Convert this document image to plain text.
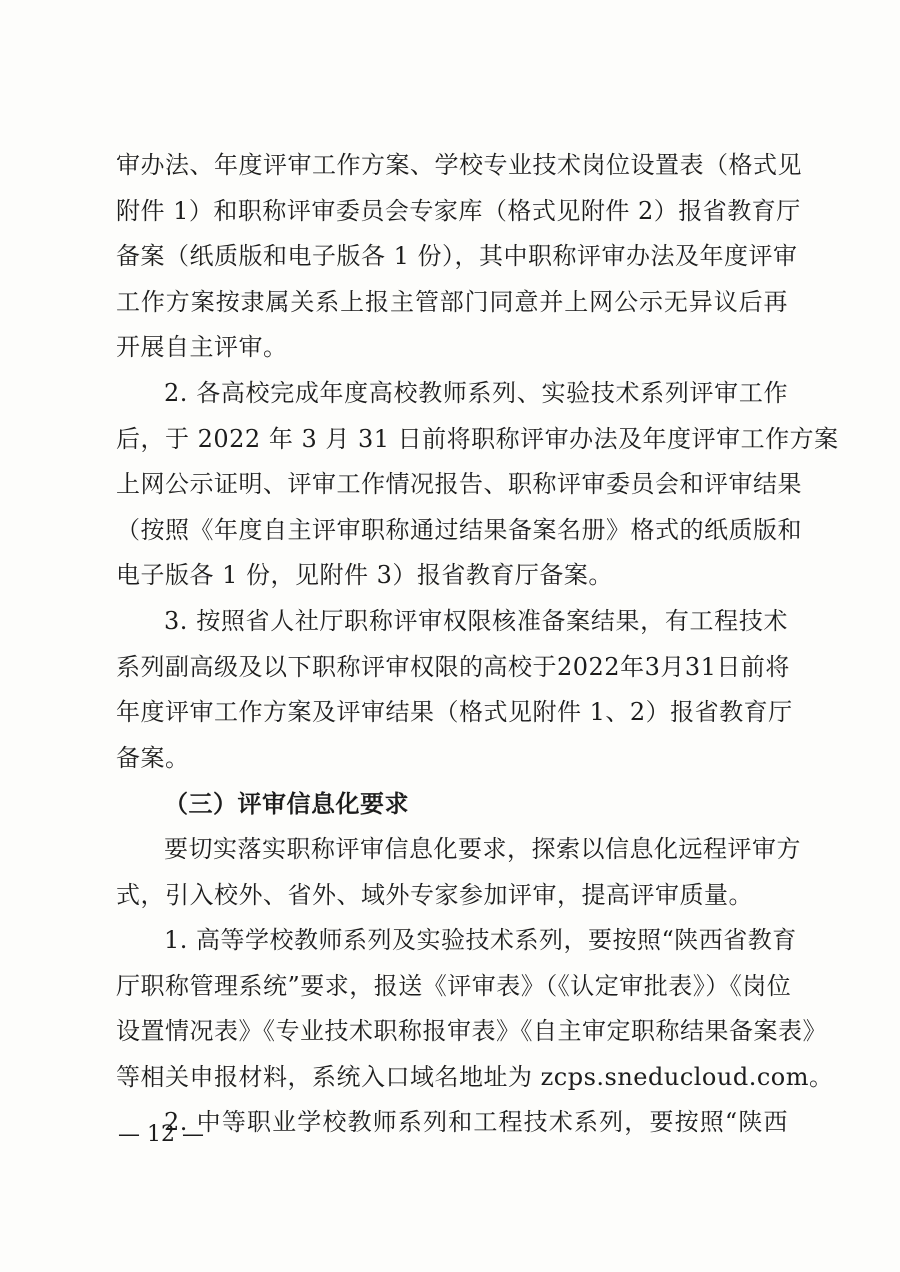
审办法、年度评审工作方案、学校专业技术岗位设置表（格式见
附件 1）和职称评审委员会专家库（格式见附件 2）报省教育厅
备案（纸质版和电子版各 1 份），其中职称评审办法及年度评审
工作方案按隶属关系上报主管部门同意并上网公示无异议后再
开展自主评审。
2. 各高校完成年度高校教师系列、实验技术系列评审工作
后，于 2022 年 3 月 31 日前将职称评审办法及年度评审工作方案
上网公示证明、评审工作情况报告、职称评审委员会和评审结果
（按照《年度自主评审职称通过结果备案名册》格式的纸质版和
电子版各 1 份，见附件 3）报省教育厅备案。
3. 按照省人社厅职称评审权限核准备案结果，有工程技术
系列副高级及以下职称评审权限的高校于2022年3月31日前将
年度评审工作方案及评审结果（格式见附件 1、2）报省教育厅
备案。
（三）评审信息化要求
要切实落实职称评审信息化要求，探索以信息化远程评审方
式，引入校外、省外、域外专家参加评审，提高评审质量。
1. 高等学校教师系列及实验技术系列，要按照“陕西省教育
厅职称管理系统”要求，报送《评审表》（《认定审批表》）《岗位
设置情况表》《专业技术职称报审表》《自主审定职称结果备案表》
等相关申报材料，系统入口域名地址为 zcps.sneducloud.com。
2. 中等职业学校教师系列和工程技术系列，要按照“陕西
— 12 —
